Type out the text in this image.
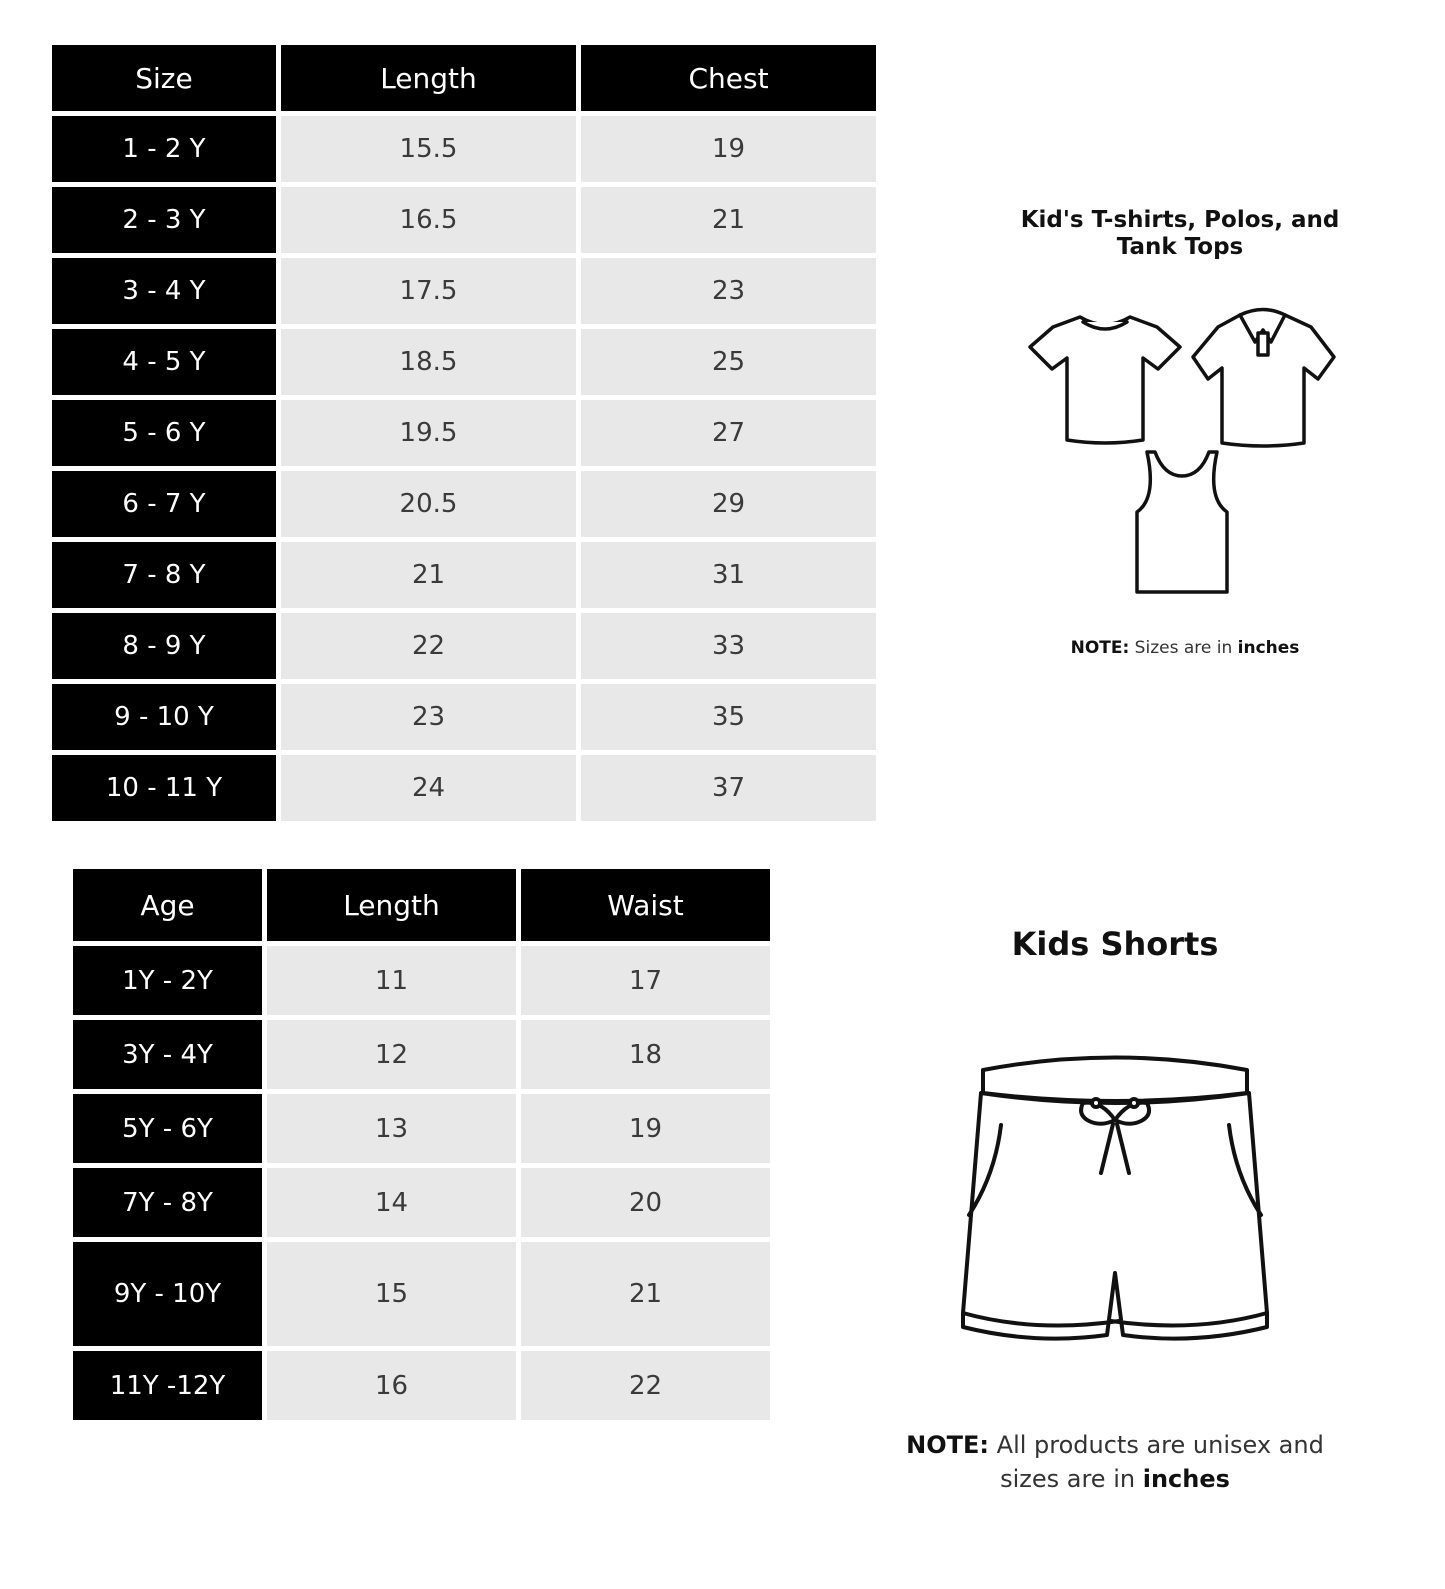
Size	Length	Chest
1 - 2 Y	15.5	19
2 - 3 Y	16.5	21
3 - 4 Y	17.5	23
4 - 5 Y	18.5	25
5 - 6 Y	19.5	27
6 - 7 Y	20.5	29
7 - 8 Y	21	31
8 - 9 Y	22	33
9 - 10 Y	23	35
10 - 11 Y	24	37
Kid's T-shirts, Polos, and Tank Tops
NOTE: Sizes are in inches
Age	Length	Waist
1Y - 2Y	11	17
3Y - 4Y	12	18
5Y - 6Y	13	19
7Y - 8Y	14	20
9Y - 10Y	15	21
11Y -12Y	16	22
Kids Shorts
NOTE: All products are unisex and sizes are in inches
